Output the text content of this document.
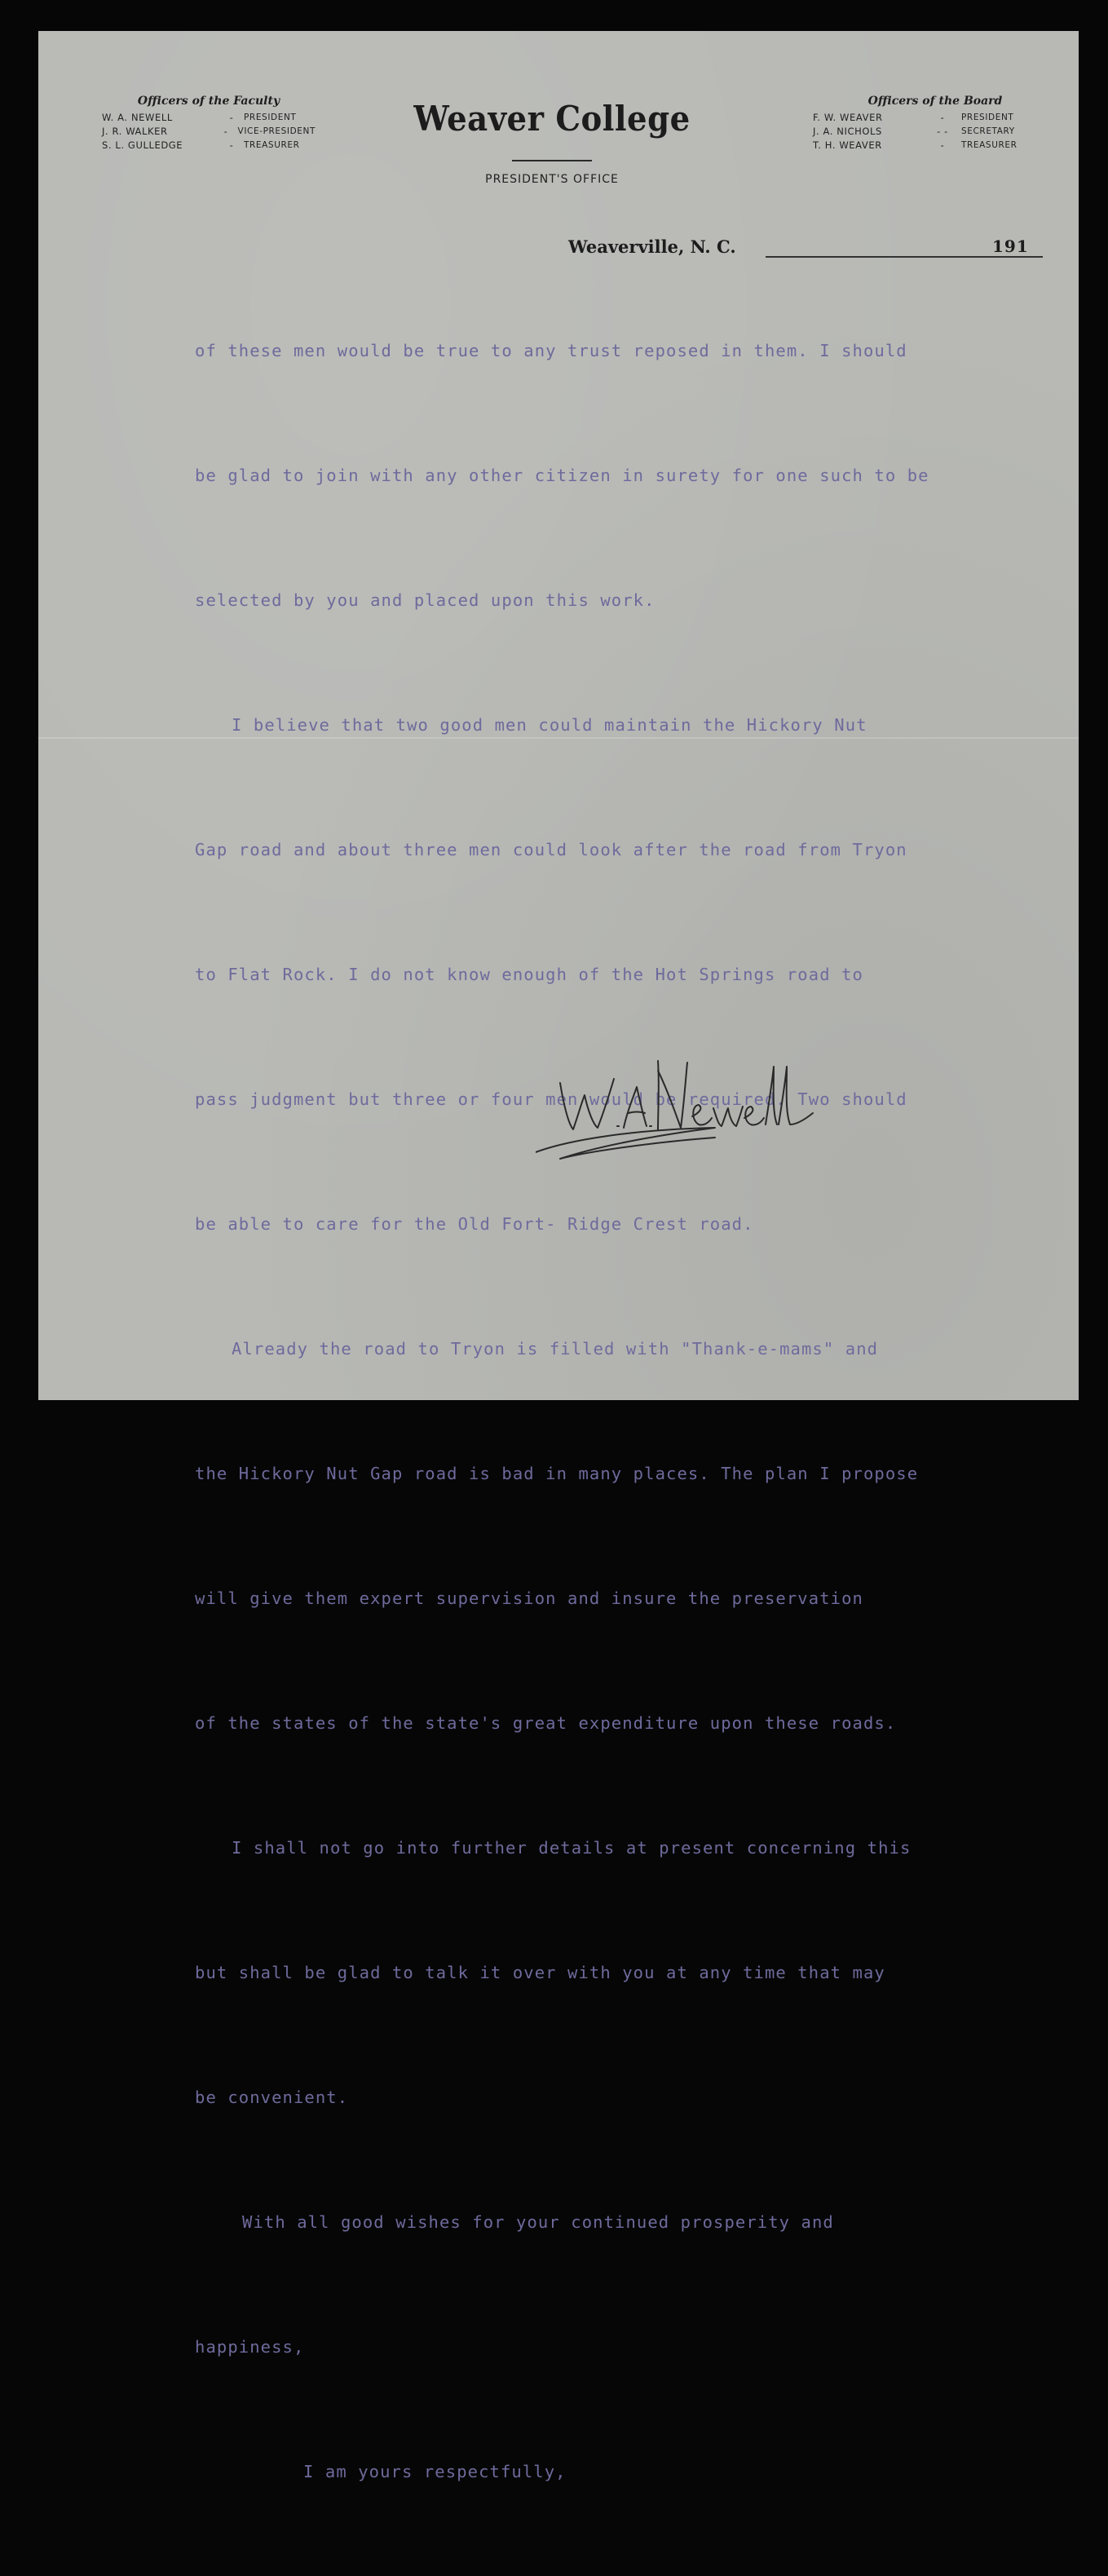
Officers of the Faculty
W. A. NEWELL	-	PRESIDENT
J. R. WALKER	-	VICE-PRESIDENT
S. L. GULLEDGE	-	TREASURER
Weaver College
PRESIDENT'S OFFICE
Officers of the Board
F. W. WEAVER	-	PRESIDENT
J. A. NICHOLS	- -	SECRETARY
T. H. WEAVER	-	TREASURER
Weaverville, N. C.	191

of these men would be true to any trust reposed in them. I should

be glad to join with any other citizen in surety for one such to be

selected by you and placed upon this work.

I believe that two good men could maintain the Hickory Nut

Gap road and about three men could look after the road from Tryon

to Flat Rock. I do not know enough of the Hot Springs road to

pass judgment but three or four men would be required. Two should

be able to care for the Old Fort- Ridge Crest road.

Already the road to Tryon is filled with "Thank-e-mams" and

the Hickory Nut Gap road is bad in many places. The plan I propose

will give them expert supervision and insure the preservation

of the states of the state's great expenditure upon these roads.

I shall not go into further details at present concerning this

but shall be glad to talk it over with you at any time that may

be convenient.

With all good wishes for your continued prosperity and

happiness,

I am yours respectfully,
